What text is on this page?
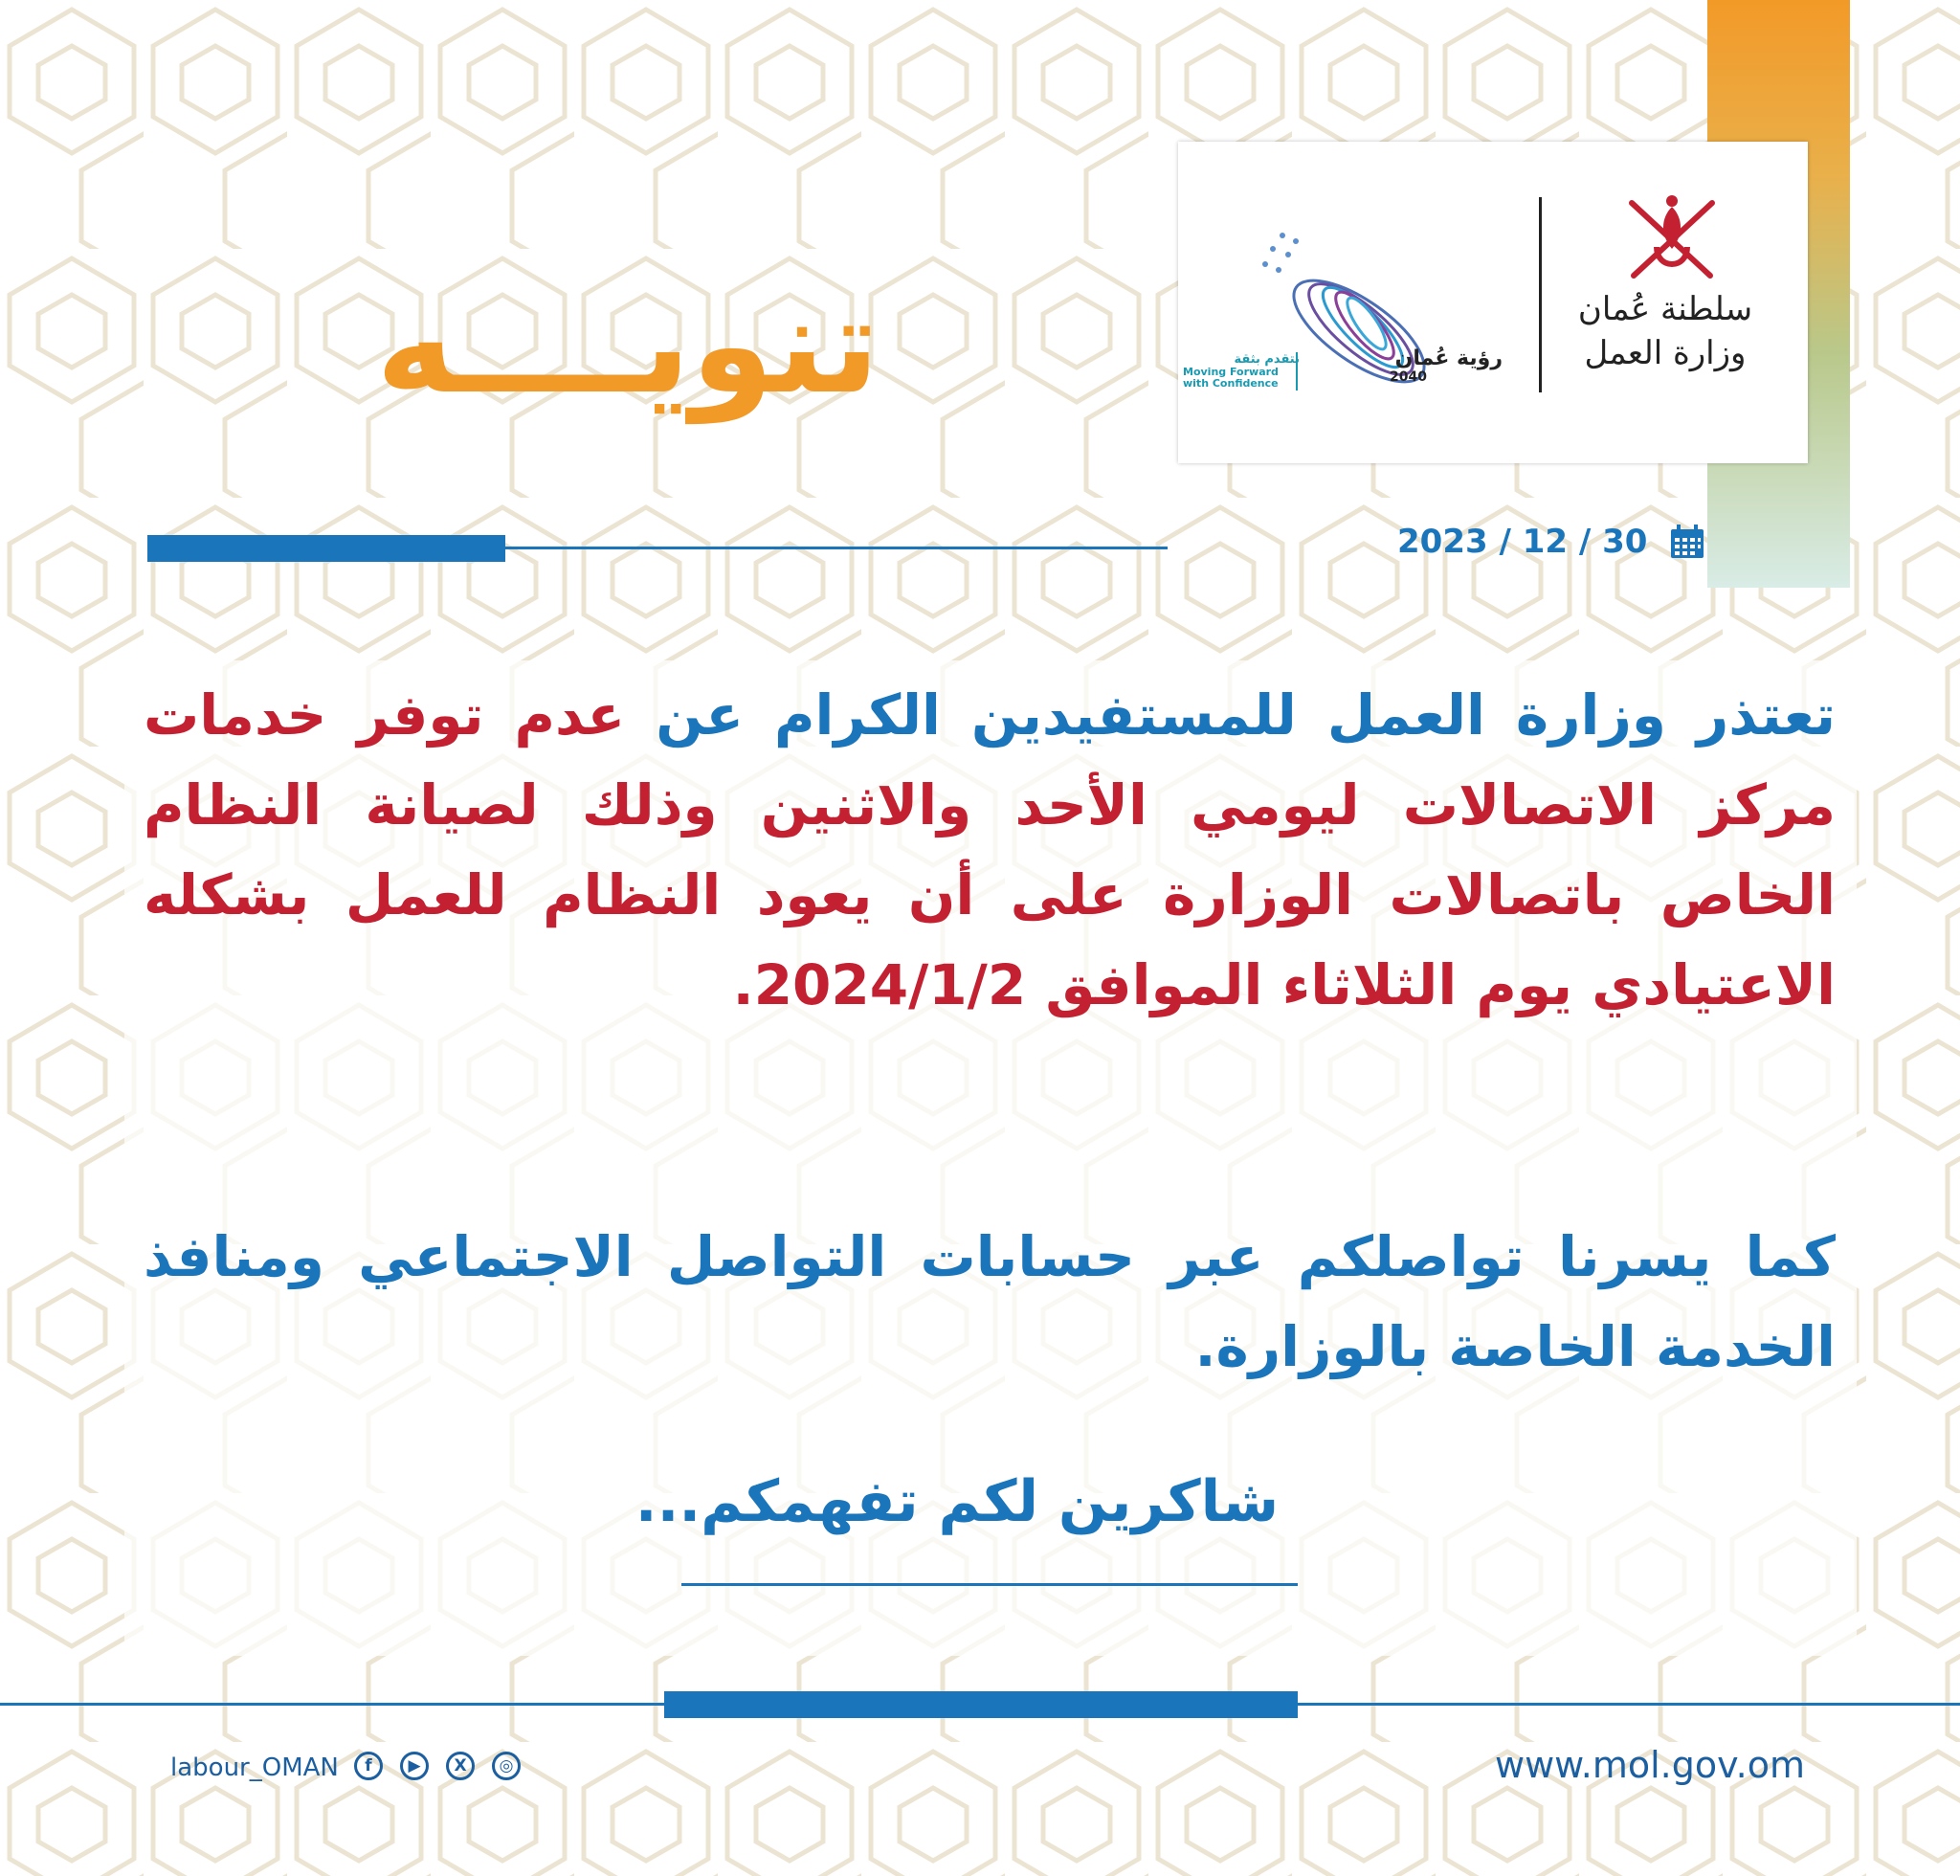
سلطنة عُمان
وزارة العمل
رؤية عُمان
2040
نتقدم بثقة
Moving Forward
with Confidence
تنويــــه
2023 / 12 / 30
تعتذر وزارة العمل للمستفيدين الكرام عن عدم توفر خدمات مركز الاتصالات ليومي الأحد والاثنين وذلك لصيانة النظام الخاص باتصالات الوزارة على أن يعود النظام للعمل بشكله الاعتيادي يوم الثلاثاء الموافق 2024/1/2.
كما يسرنا تواصلكم عبر حسابات التواصل الاجتماعي ومنافذ الخدمة الخاصة بالوزارة.
شاكرين لكم تفهمكم...
labour_OMAN	f	▶	X	◎	www.mol.gov.om
